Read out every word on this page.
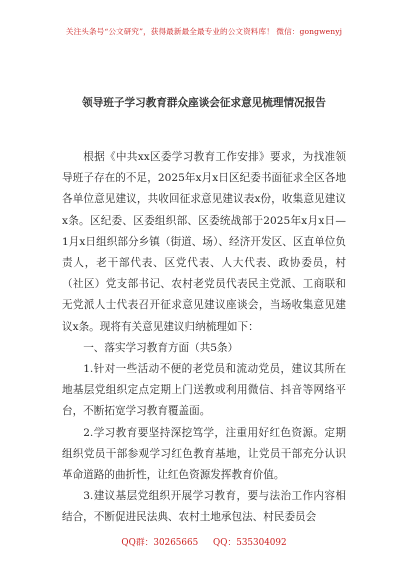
关注头条号“公文研究”，获得最新最全最专业的公文资料库！ 微信：gongwenyj
领导班子学习教育群众座谈会征求意见梳理情况报告

根据《中共xx区委学习教育工作安排》要求，为找准领导班子存在的不足，2025年x月x日区纪委书面征求全区各地各单位意见建议，共收回征求意见建议表x份，收集意见建议x条。区纪委、区委组织部、区委统战部于2025年x月x日—1月x日组织部分乡镇（街道、场）、经济开发区、区直单位负责人，老干部代表、区党代表、人大代表、政协委员，村（社区）党支部书记、农村老党员代表民主党派、工商联和无党派人士代表召开征求意见建议座谈会，当场收集意见建议x条。现将有关意见建议归纳梳理如下：

一、落实学习教育方面（共5条）

1.针对一些活动不便的老党员和流动党员，建议其所在地基层党组织定点定期上门送教或利用微信、抖音等网络平台，不断拓宽学习教育覆盖面。

2.学习教育要坚持深挖笃学，注重用好红色资源。定期组织党员干部参观学习红色教育基地，让党员干部充分认识革命道路的曲折性，让红色资源发挥教育价值。

3.建议基层党组织开展学习教育，要与法治工作内容相结合，不断促进民法典、农村土地承包法、村民委员会

QQ群：30265665 QQ：535304092
